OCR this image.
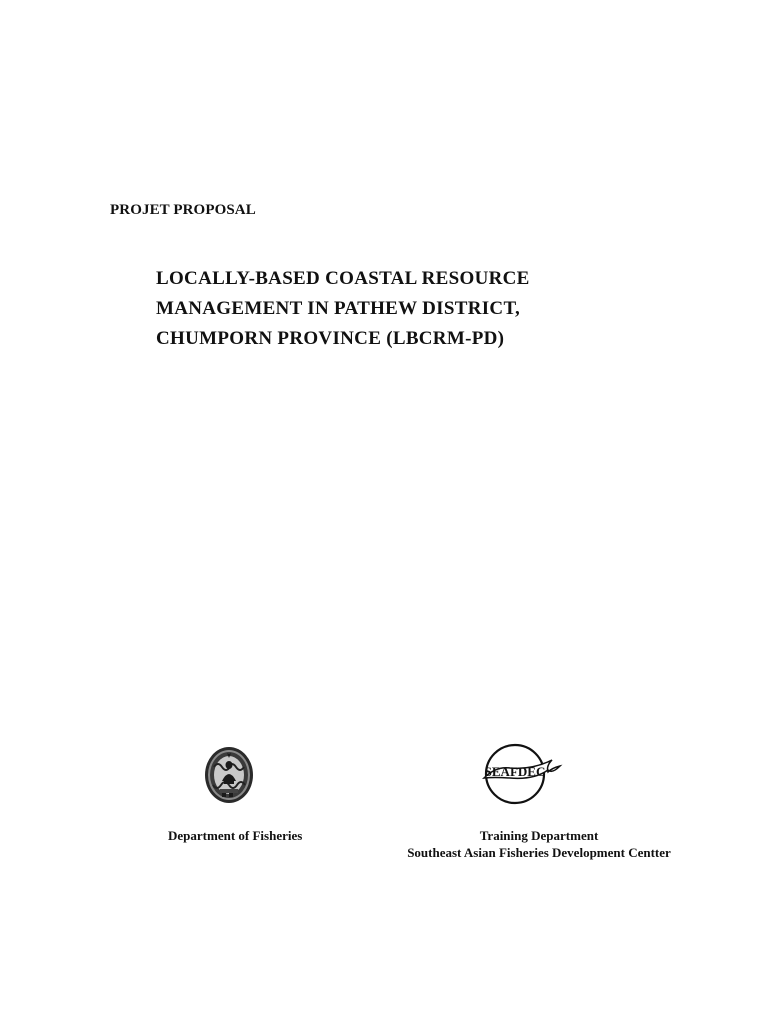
PROJET PROPOSAL
LOCALLY-BASED COASTAL RESOURCE
MANAGEMENT IN PATHEW DISTRICT,
CHUMPORN PROVINCE (LBCRM-PD)
SEAFDEC
Department of Fisheries	Training Department
Southeast Asian Fisheries Development Centter
